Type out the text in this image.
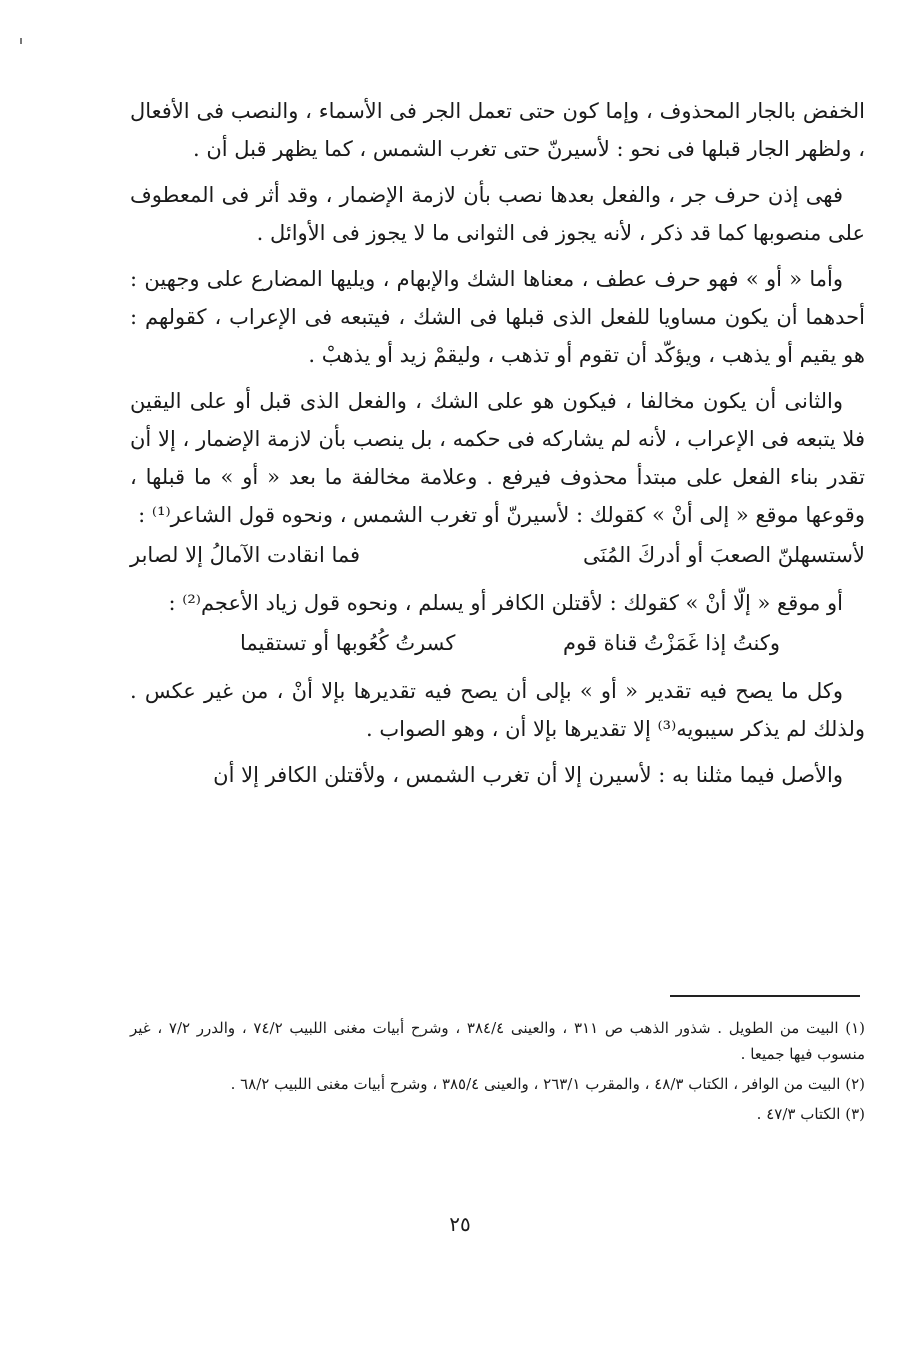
الخفض بالجار المحذوف ، وإما كون حتى تعمل الجر فى الأسماء ، والنصب فى الأفعال ، ولظهر الجار قبلها فى نحو : لأسيرنّ حتى تغرب الشمس ، كما يظهر قبل أن .

فهى إذن حرف جر ، والفعل بعدها نصب بأن لازمة الإضمار ، وقد أثر فى المعطوف على منصوبها كما قد ذكر ، لأنه يجوز فى الثوانى ما لا يجوز فى الأوائل .

وأما « أو » فهو حرف عطف ، معناها الشك والإبهام ، ويليها المضارع على وجهين : أحدهما أن يكون مساويا للفعل الذى قبلها فى الشك ، فيتبعه فى الإعراب ، كقولهم : هو يقيم أو يذهب ، ويؤكّد أن تقوم أو تذهب ، وليقمْ زيد أو يذهبْ .

والثانى أن يكون مخالفا ، فيكون هو على الشك ، والفعل الذى قبل أو على اليقين فلا يتبعه فى الإعراب ، لأنه لم يشاركه فى حكمه ، بل ينصب بأن لازمة الإضمار ، إلا أن تقدر بناء الفعل على مبتدأ محذوف فيرفع . وعلامة مخالفة ما بعد « أو » ما قبلها ، وقوعها موقع « إلى أنْ » كقولك : لأسيرنّ أو تغرب الشمس ، ونحوه قول الشاعر⁽¹⁾ :

لأستسهلنّ الصعبَ أو أدركَ المُنَى
فما انقادت الآمالُ إلا لصابر

أو موقع « إلّا أنْ » كقولك : لأقتلن الكافر أو يسلم ، ونحوه قول زياد الأعجم⁽²⁾ :

وكنتُ إذا غَمَزْتُ قناة قوم
كسرتُ كُعُوبها أو تستقيما

وكل ما يصح فيه تقدير « أو » بإلى أن يصح فيه تقديرها بإلا أنْ ، من غير عكس . ولذلك لم يذكر سيبويه⁽³⁾ إلا تقديرها بإلا أن ، وهو الصواب .

والأصل فيما مثلنا به : لأسيرن إلا أن تغرب الشمس ، ولأقتلن الكافر إلا أن

(١) البيت من الطويل . شذور الذهب ص ٣١١ ، والعينى ٣٨٤/٤ ، وشرح أبيات مغنى اللبيب ٧٤/٢ ، والدرر ٧/٢ ، غير منسوب فيها جميعا .

(٢) البيت من الوافر ، الكتاب ٤٨/٣ ، والمقرب ٢٦٣/١ ، والعينى ٣٨٥/٤ ، وشرح أبيات مغنى اللبيب ٦٨/٢ .

(٣) الكتاب ٤٧/٣ .

٢٥
